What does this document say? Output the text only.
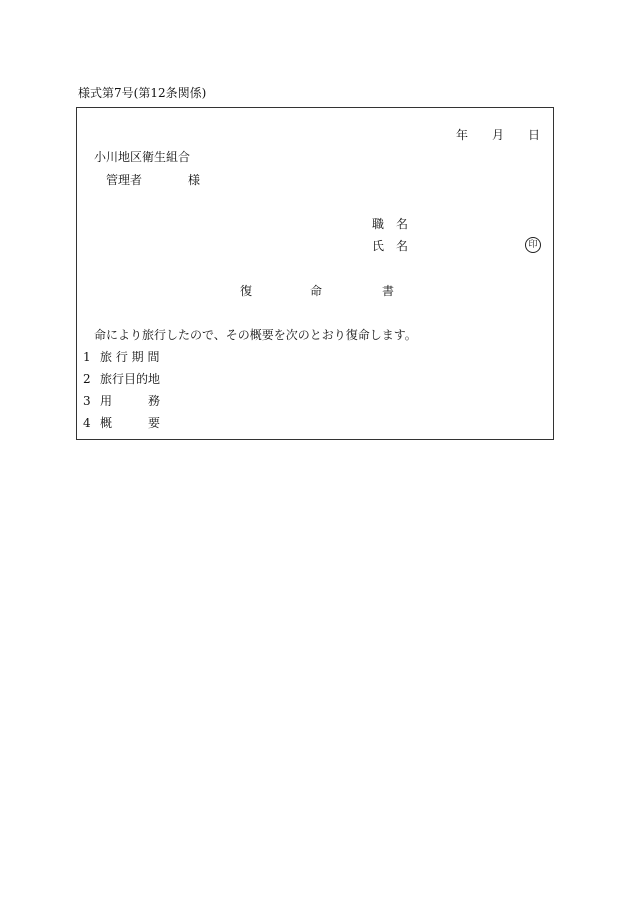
様式第7号(第12条関係)
年 月 日
小川地区衛生組合
管理者	様
職　名
氏　名	印
復	命	書
命により旅行したので、その概要を次のとおり復命します。
1 旅 行 期 間
2 旅行目的地
3 用　　　務
4 概　　　要
